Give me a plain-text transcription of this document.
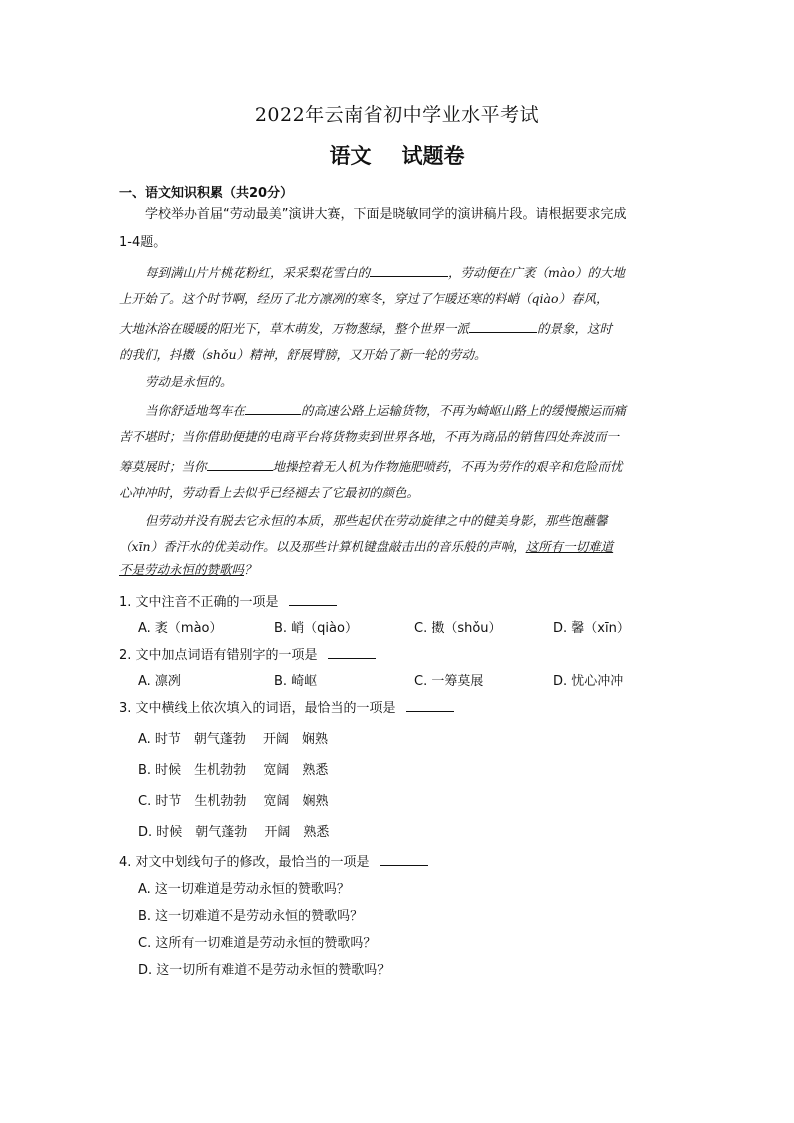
2022年云南省初中学业水平考试
语文 试题卷
一、语文知识积累（共20分）
学校举办首届“劳动最美”演讲大赛，下面是晓敏同学的演讲稿片段。请根据要求完成
1-4题。
每到满山片片桃花粉红，采采梨花雪白的	，劳动便在广袤（mào）的大地
上开始了。这个时节啊，经历了北方凛冽的寒冬，穿过了乍暖还寒的料峭（qiào）春风，
大地沐浴在暖暖的阳光下，草木萌发，万物葱绿，整个世界一派	的景象，这时
的我们，抖擞（shǒu）精神，舒展臂膀，又开始了新一轮的劳动。
劳动是永恒的。
当你舒适地驾车在	的高速公路上运输货物，不再为崎岖山路上的缓慢搬运而痛
苦不堪时；当你借助便捷的电商平台将货物卖到世界各地，不再为商品的销售四处奔波而一
筹莫展时；当你	地操控着无人机为作物施肥喷药，不再为劳作的艰辛和危险而忧
心冲冲时，劳动看上去似乎已经褪去了它最初的颜色。
但劳动并没有脱去它永恒的本质，那些起伏在劳动旋律之中的健美身影，那些饱蘸馨
（xīn）香汗水的优美动作。以及那些计算机键盘敲击出的音乐般的声响，这所有一切难道
不是劳动永恒的赞歌吗？
1. 文中注音不正确的一项是
A. 袤（mào）	B. 峭（qiào）	C. 擞（shǒu）	D. 馨（xīn）
2. 文中加点词语有错别字的一项是
A. 凛冽	B. 崎岖	C. 一筹莫展	D. 忧心冲冲
3. 文中横线上依次填入的词语，最恰当的一项是
A. 时节　朝气蓬勃　 开阔　娴熟
B. 时候　生机勃勃　 宽阔　熟悉
C. 时节　生机勃勃　 宽阔　娴熟
D. 时候　朝气蓬勃　 开阔　熟悉
4. 对文中划线句子的修改，最恰当的一项是
A. 这一切难道是劳动永恒的赞歌吗？
B. 这一切难道不是劳动永恒的赞歌吗？
C. 这所有一切难道是劳动永恒的赞歌吗？
D. 这一切所有难道不是劳动永恒的赞歌吗？
